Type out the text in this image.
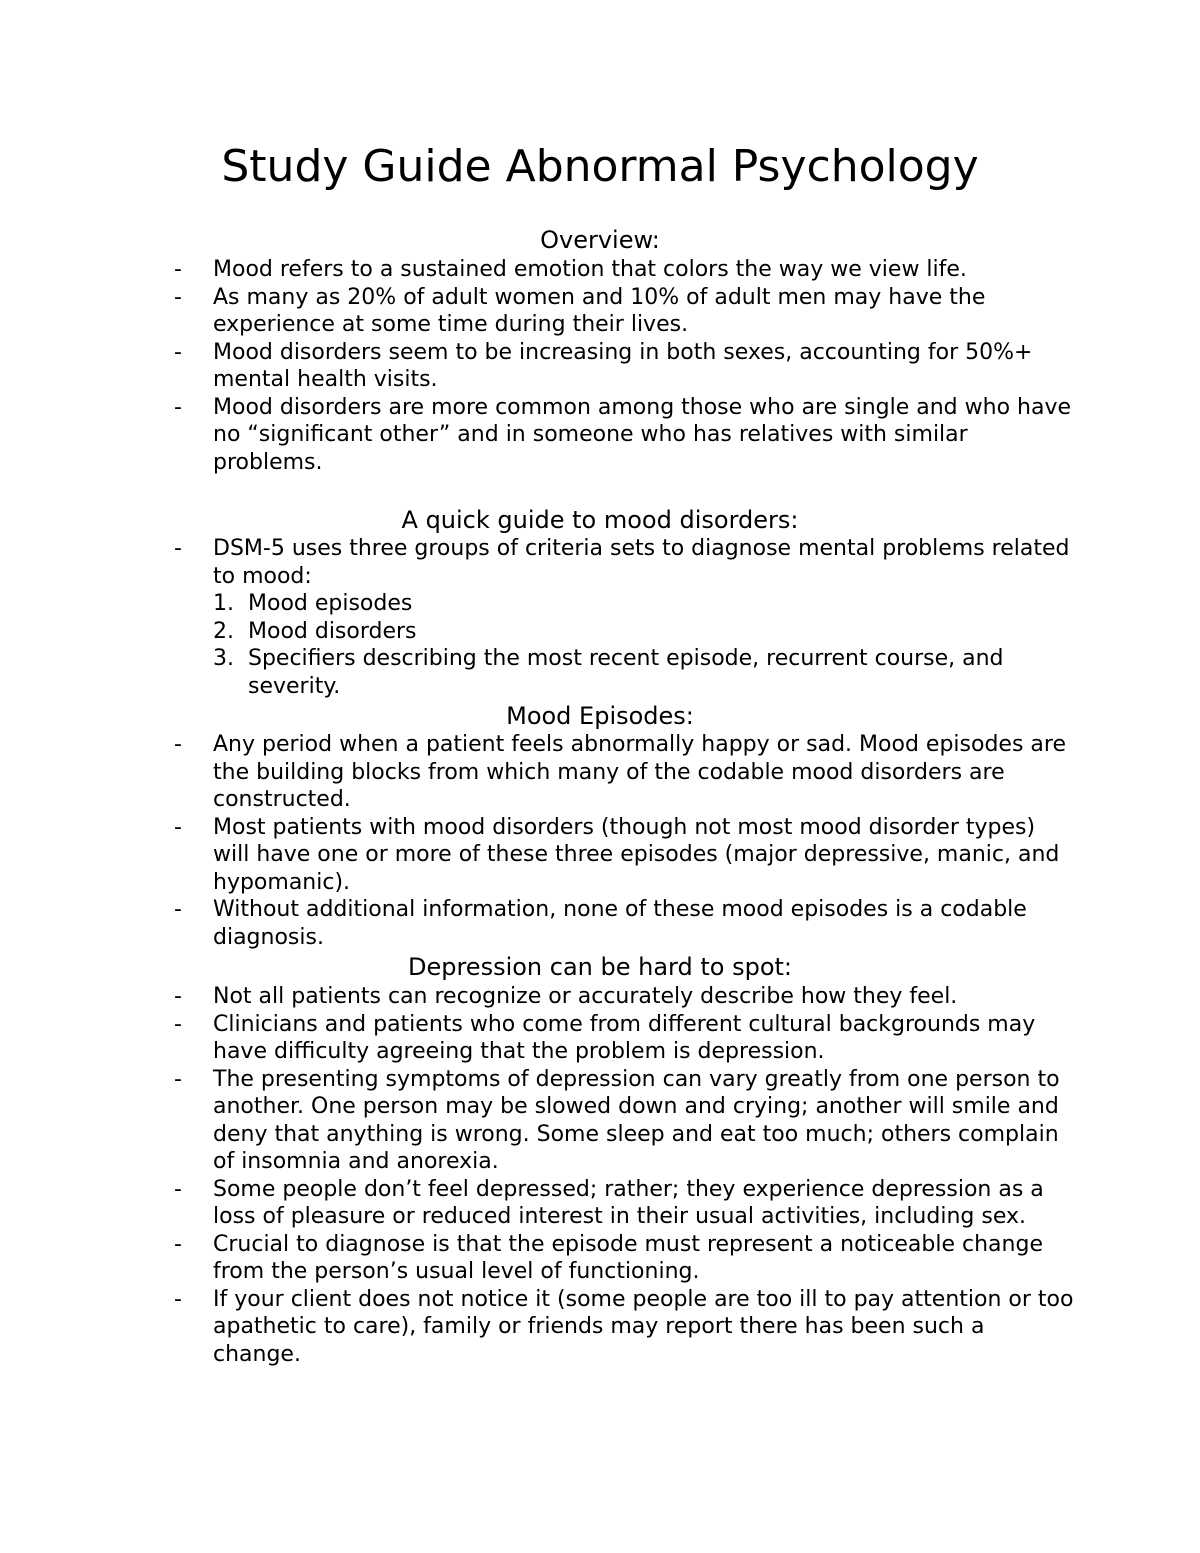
Study Guide Abnormal Psychology
Overview:
- Mood refers to a sustained emotion that colors the way we view life.
- As many as 20% of adult women and 10% of adult men may have the experience at some time during their lives.
- Mood disorders seem to be increasing in both sexes, accounting for 50%+ mental health visits.
- Mood disorders are more common among those who are single and who have no “significant other” and in someone who has relatives with similar problems.
A quick guide to mood disorders:
- DSM-5 uses three groups of criteria sets to diagnose mental problems related to mood:
1. Mood episodes
2. Mood disorders
3. Specifiers describing the most recent episode, recurrent course, and severity.
Mood Episodes:
- Any period when a patient feels abnormally happy or sad. Mood episodes are the building blocks from which many of the codable mood disorders are constructed.
- Most patients with mood disorders (though not most mood disorder types) will have one or more of these three episodes (major depressive, manic, and hypomanic).
- Without additional information, none of these mood episodes is a codable diagnosis.
Depression can be hard to spot:
- Not all patients can recognize or accurately describe how they feel.
- Clinicians and patients who come from different cultural backgrounds may have difficulty agreeing that the problem is depression.
- The presenting symptoms of depression can vary greatly from one person to another. One person may be slowed down and crying; another will smile and deny that anything is wrong. Some sleep and eat too much; others complain of insomnia and anorexia.
- Some people don’t feel depressed; rather; they experience depression as a loss of pleasure or reduced interest in their usual activities, including sex.
- Crucial to diagnose is that the episode must represent a noticeable change from the person’s usual level of functioning.
- If your client does not notice it (some people are too ill to pay attention or too apathetic to care), family or friends may report there has been such a change.
